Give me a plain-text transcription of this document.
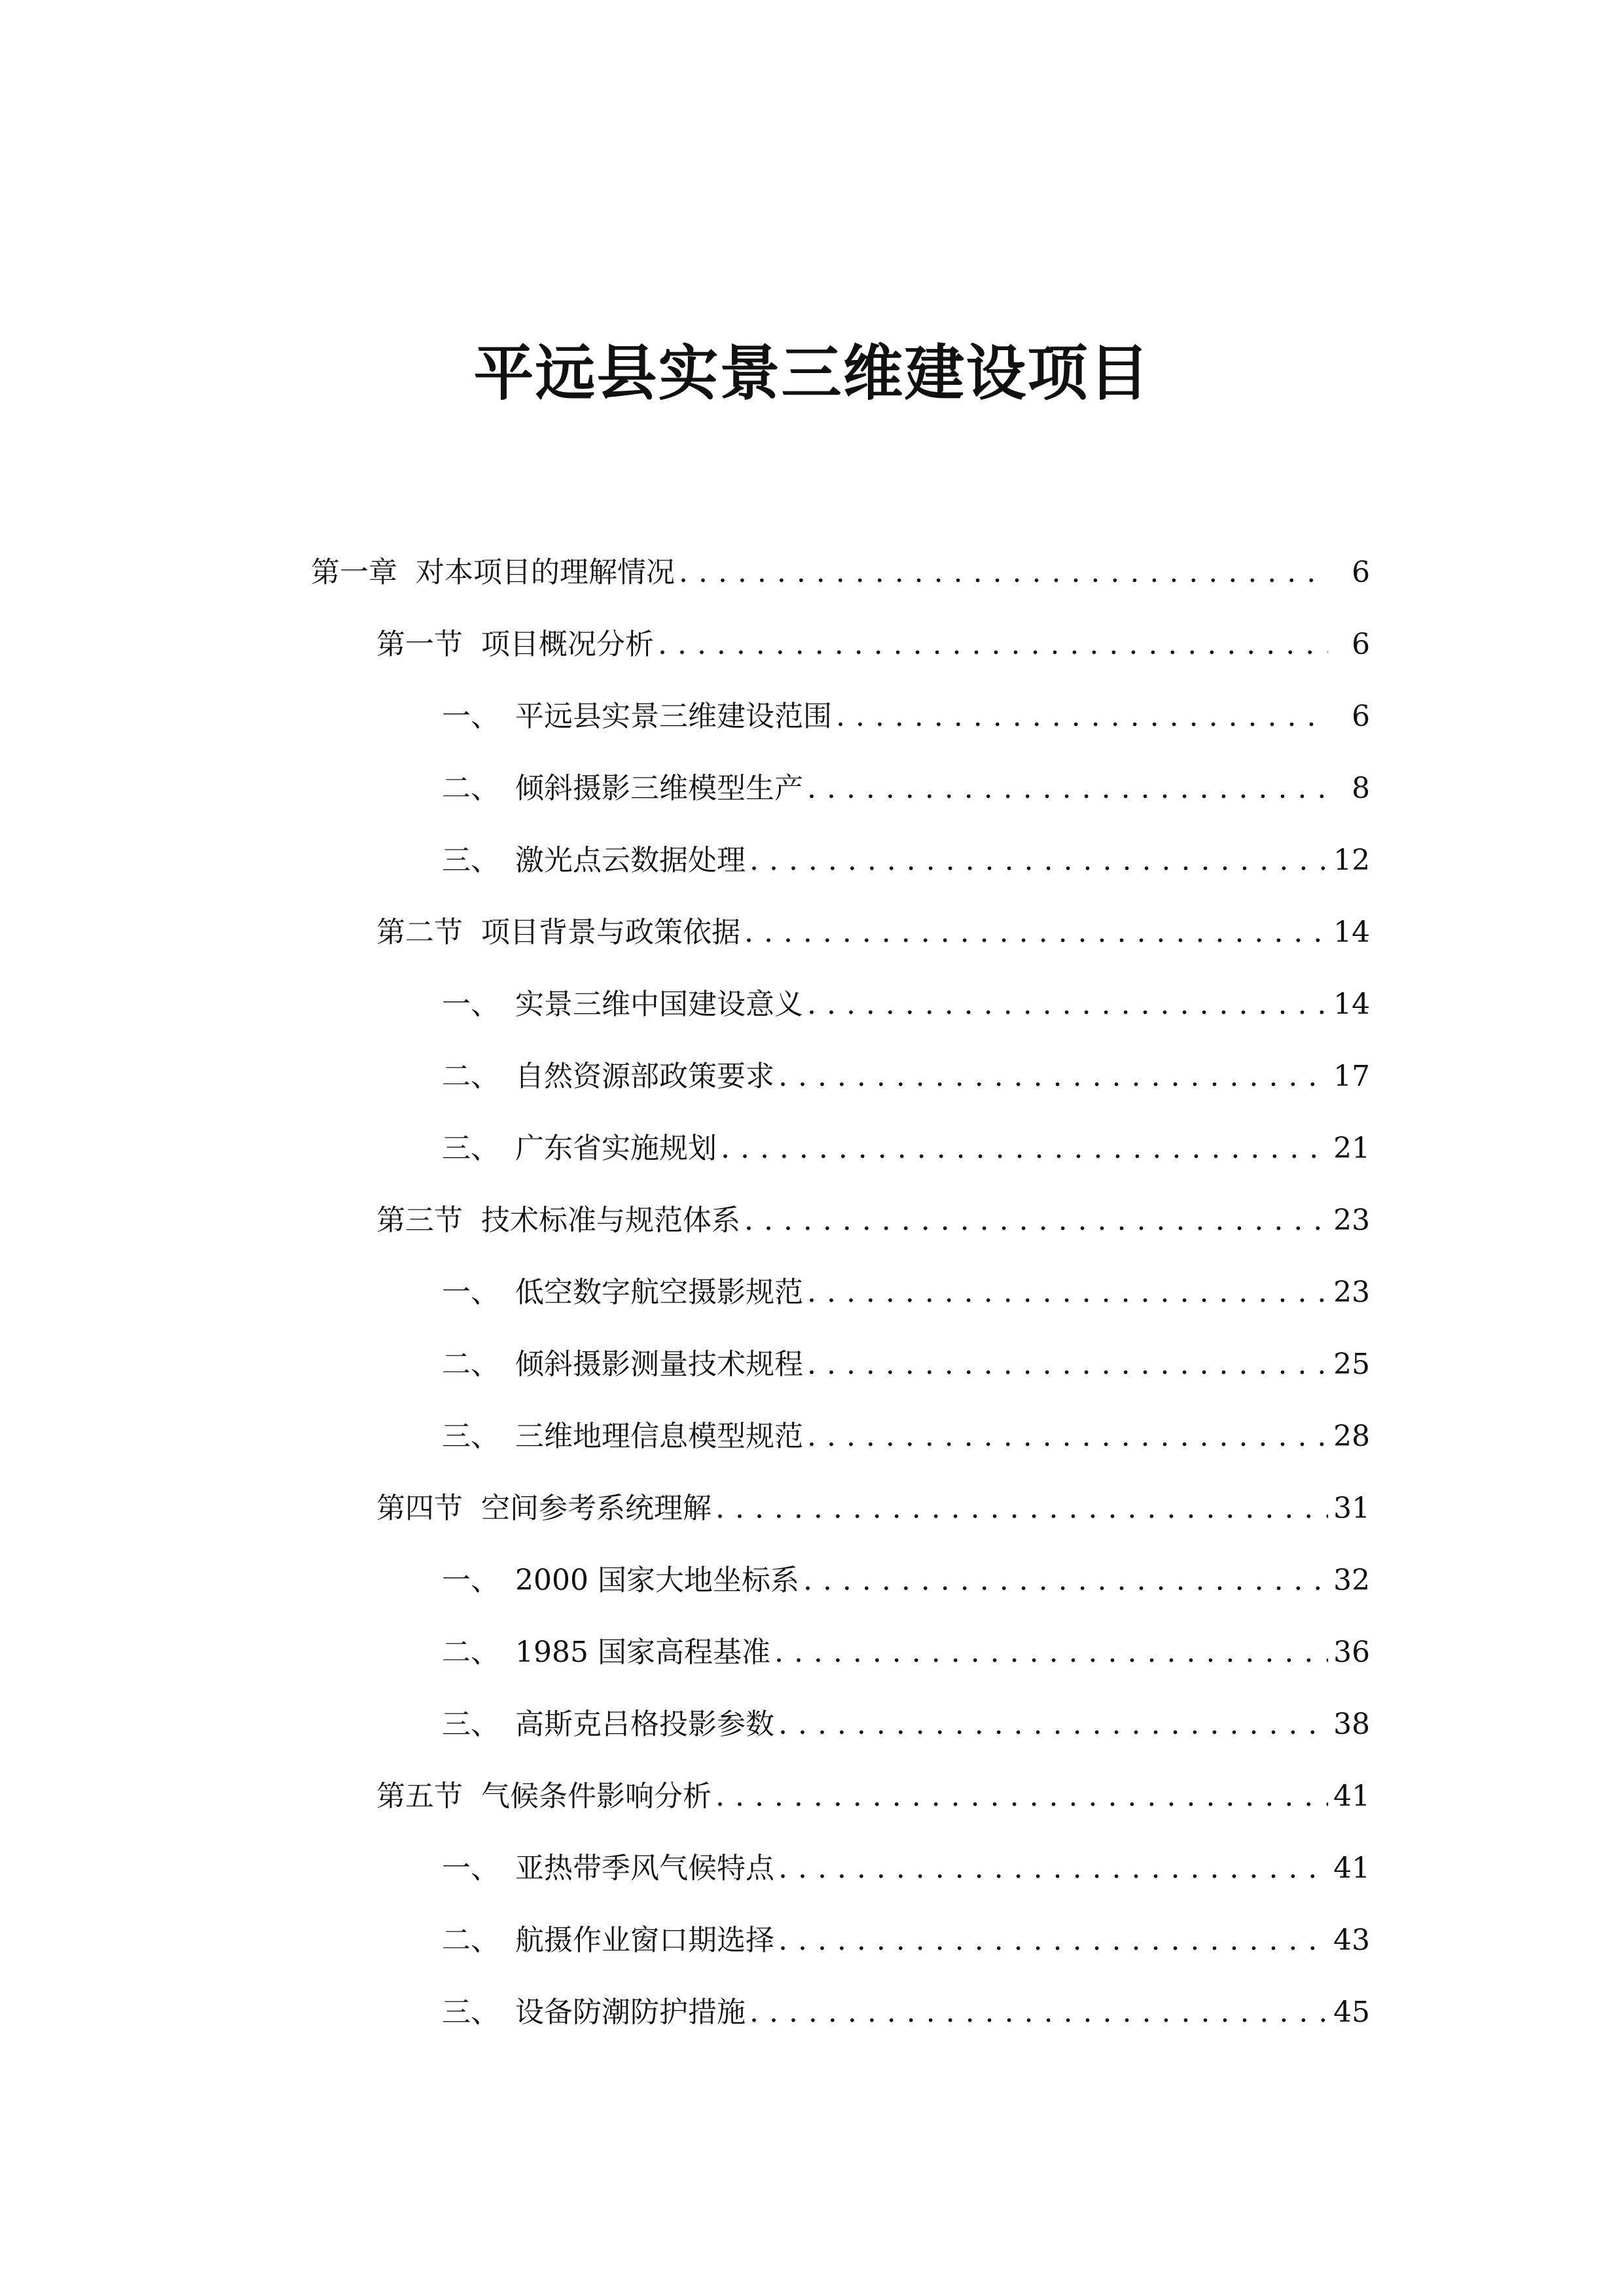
平远县实景三维建设项目
第一章 对本项目的理解情况 . . .	6
第一节 项目概况分析 . . .	6
一、 平远县实景三维建设范围 . . .	6
二、 倾斜摄影三维模型生产 . . .	8
三、 激光点云数据处理 . . .	12
第二节 项目背景与政策依据 . . .	14
一、 实景三维中国建设意义 . . .	14
二、 自然资源部政策要求 . . .	17
三、 广东省实施规划 . . .	21
第三节 技术标准与规范体系 . . .	23
一、 低空数字航空摄影规范 . . .	23
二、 倾斜摄影测量技术规程 . . .	25
三、 三维地理信息模型规范 . . .	28
第四节 空间参考系统理解 . . .	31
一、 2000 国家大地坐标系 . . .	32
二、 1985 国家高程基准 . . .	36
三、 高斯克吕格投影参数 . . .	38
第五节 气候条件影响分析 . . .	41
一、 亚热带季风气候特点 . . .	41
二、 航摄作业窗口期选择 . . .	43
三、 设备防潮防护措施 . . .	45
